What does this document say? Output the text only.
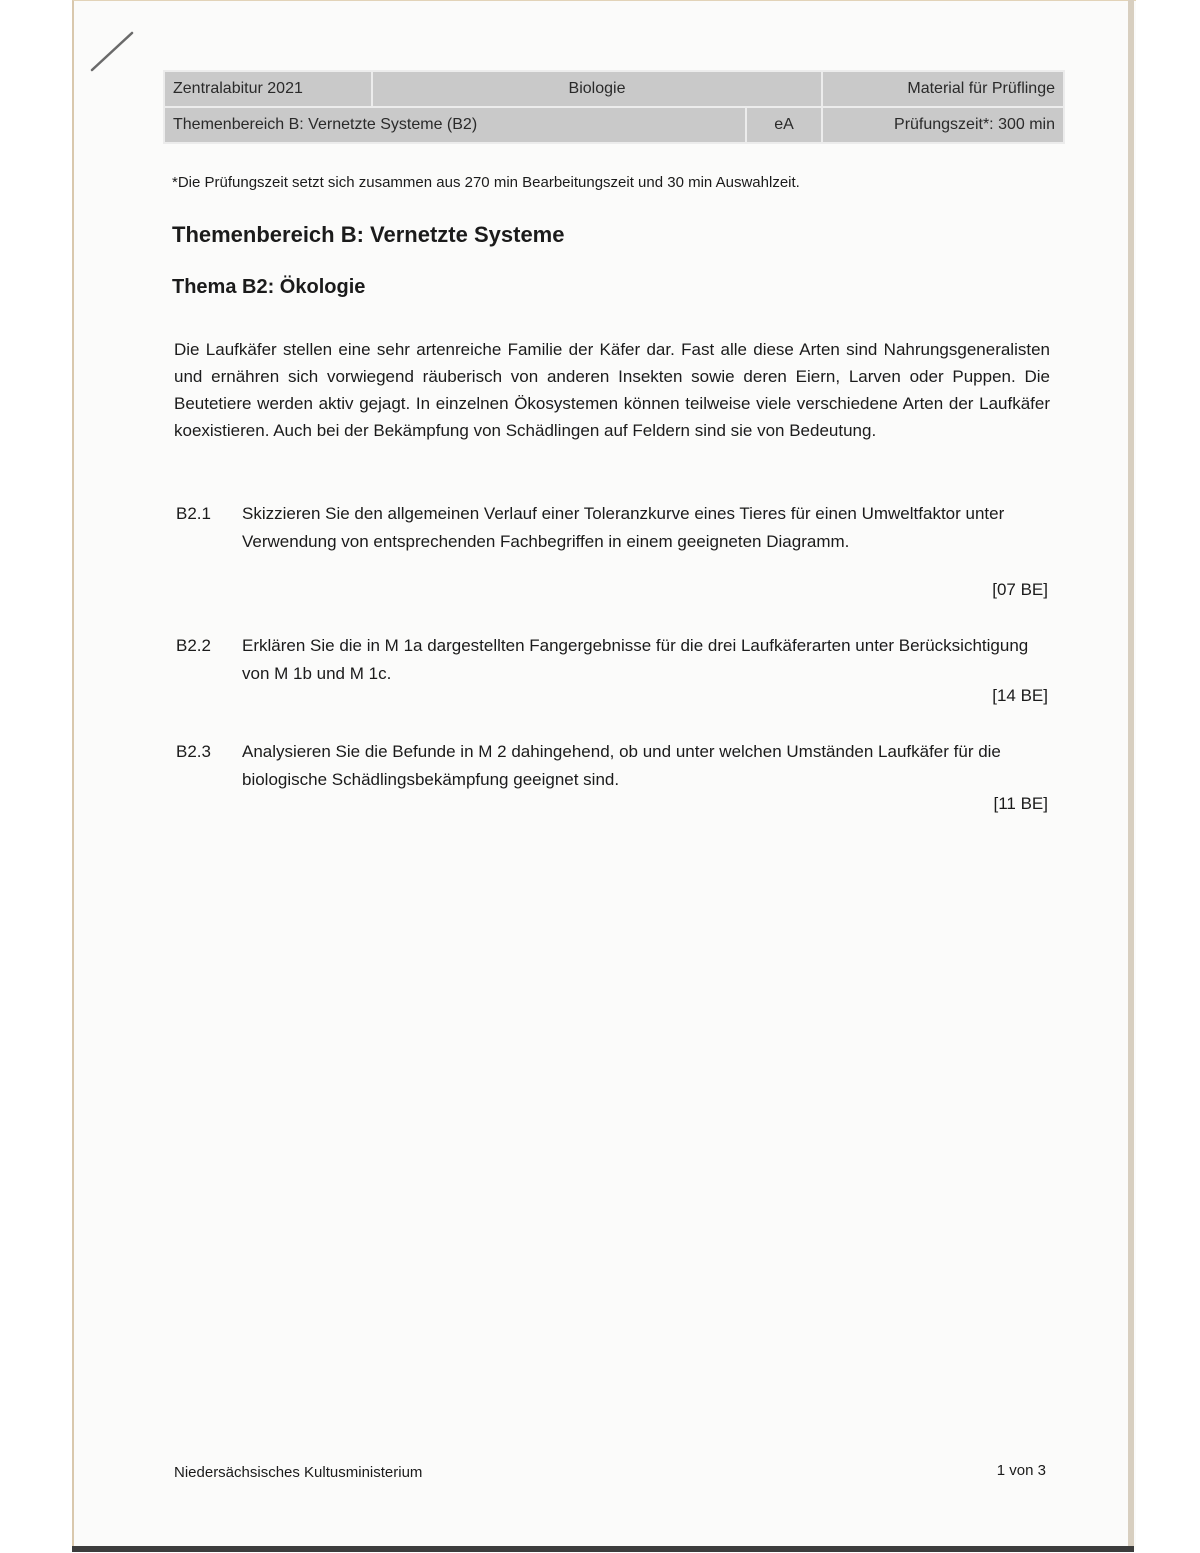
Zentralabitur 2021	Biologie		Material für Prüflinge
Themenbereich B: Vernetzte Systeme (B2)		eA	Prüfungszeit*: 300 min
*Die Prüfungszeit setzt sich zusammen aus 270 min Bearbeitungszeit und 30 min Auswahlzeit.
Themenbereich B: Vernetzte Systeme
Thema B2: Ökologie

Die Laufkäfer stellen eine sehr artenreiche Familie der Käfer dar. Fast alle diese Arten sind Nahrungsgeneralisten und ernähren sich vorwiegend räuberisch von anderen Insekten sowie deren Eiern, Larven oder Puppen. Die Beutetiere werden aktiv gejagt. In einzelnen Ökosystemen können teilweise viele verschiedene Arten der Laufkäfer koexistieren. Auch bei der Bekämpfung von Schädlingen auf Feldern sind sie von Bedeutung.

B2.1	Skizzieren Sie den allgemeinen Verlauf einer Toleranzkurve eines Tieres für einen Umweltfaktor unter Verwendung von entsprechenden Fachbegriffen in einem geeigneten Diagramm.
[07 BE]
B2.2	Erklären Sie die in M 1a dargestellten Fangergebnisse für die drei Laufkäferarten unter Berücksichtigung von M 1b und M 1c.
[14 BE]
B2.3	Analysieren Sie die Befunde in M 2 dahingehend, ob und unter welchen Umständen Laufkäfer für die biologische Schädlingsbekämpfung geeignet sind.
[11 BE]
Niedersächsisches Kultusministerium	1 von 3
